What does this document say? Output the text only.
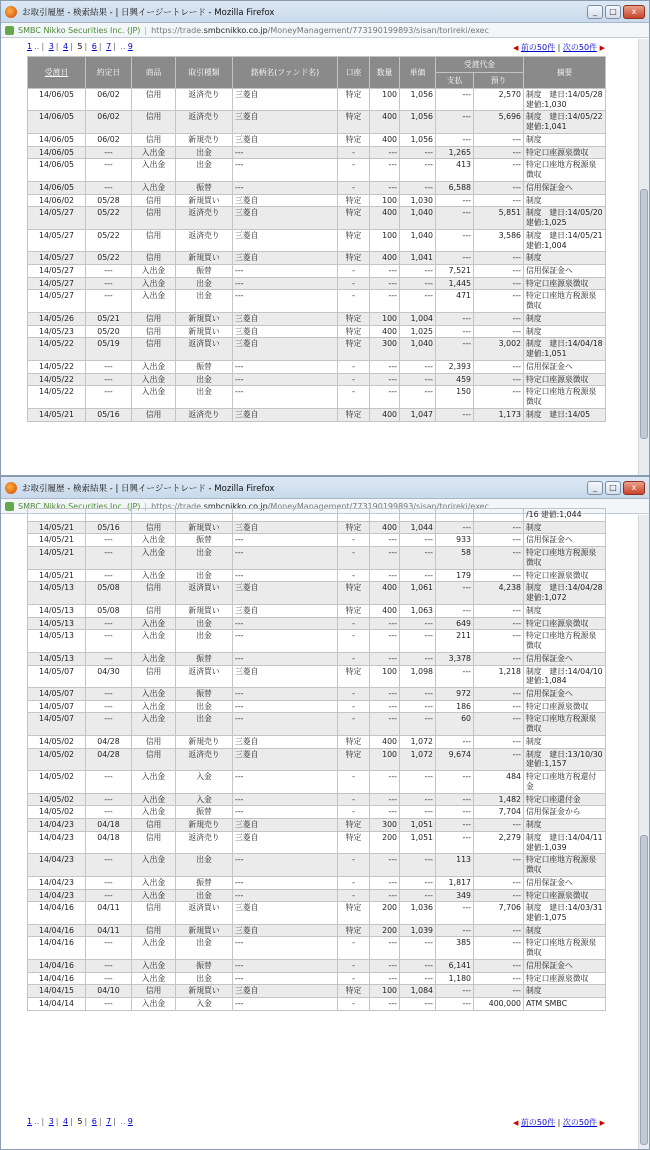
お取引履歴 - 検索結果 - | 日興イージートレード - Mozilla Firefox	_	□	x
SMBC Nikko Securities Inc. (JP) | https://trade.smbcnikko.co.jp/MoneyManagement/773190199893/sisan/torireki/exec
1 ‥ | 3 | 4 | 5 | 6 | 7 | ‥ 9	◀ 前の50件 | 次の50件 ▶
受渡日	約定日	商品	取引種類	銘柄名(ファンド名)	口座	数量	単価	受渡代金		摘要
								支払	預り	
14/06/05	06/02	信用	返済売り	三菱自	特定	100	1,056	---	2,570	制度　建日:14/05/28 建値:1,030
14/06/05	06/02	信用	返済売り	三菱自	特定	400	1,056	---	5,696	制度　建日:14/05/22 建値:1,041
14/06/05	06/02	信用	新規売り	三菱自	特定	400	1,056	---	---	制度
14/06/05	---	入出金	出金	---	-	---	---	1,265	---	特定口座源泉徴収
14/06/05	---	入出金	出金	---	-	---	---	413	---	特定口座地方税源泉徴収
14/06/05	---	入出金	振替	---	-	---	---	6,588	---	信用保証金へ
14/06/02	05/28	信用	新規買い	三菱自	特定	100	1,030	---	---	制度
14/05/27	05/22	信用	返済売り	三菱自	特定	400	1,040	---	5,851	制度　建日:14/05/20 建値:1,025
14/05/27	05/22	信用	返済売り	三菱自	特定	100	1,040	---	3,586	制度　建日:14/05/21 建値:1,004
14/05/27	05/22	信用	新規買い	三菱自	特定	400	1,041	---	---	制度
14/05/27	---	入出金	振替	---	-	---	---	7,521	---	信用保証金へ
14/05/27	---	入出金	出金	---	-	---	---	1,445	---	特定口座源泉徴収
14/05/27	---	入出金	出金	---	-	---	---	471	---	特定口座地方税源泉徴収
14/05/26	05/21	信用	新規買い	三菱自	特定	100	1,004	---	---	制度
14/05/23	05/20	信用	新規買い	三菱自	特定	400	1,025	---	---	制度
14/05/22	05/19	信用	返済買い	三菱自	特定	300	1,040	---	3,002	制度　建日:14/04/18 建値:1,051
14/05/22	---	入出金	振替	---	-	---	---	2,393	---	信用保証金へ
14/05/22	---	入出金	出金	---	-	---	---	459	---	特定口座源泉徴収
14/05/22	---	入出金	出金	---	-	---	---	150	---	特定口座地方税源泉徴収
14/05/21	05/16	信用	返済売り	三菱自	特定	400	1,047	---	1,173	制度　建日:14/05
お取引履歴 - 検索結果 - | 日興イージートレード - Mozilla Firefox	_	□	x
SMBC Nikko Securities Inc. (JP) | https://trade.smbcnikko.co.jp/MoneyManagement/773190199893/sisan/torireki/exec
										/16 建値:1,044
14/05/21	05/16	信用	新規買い	三菱自	特定	400	1,044	---	---	制度
14/05/21	---	入出金	振替	---	-	---	---	933	---	信用保証金へ
14/05/21	---	入出金	出金	---	-	---	---	58	---	特定口座地方税源泉徴収
14/05/21	---	入出金	出金	---	-	---	---	179	---	特定口座源泉徴収
14/05/13	05/08	信用	返済買い	三菱自	特定	400	1,061	---	4,238	制度　建日:14/04/28 建値:1,072
14/05/13	05/08	信用	新規買い	三菱自	特定	400	1,063	---	---	制度
14/05/13	---	入出金	出金	---	-	---	---	649	---	特定口座源泉徴収
14/05/13	---	入出金	出金	---	-	---	---	211	---	特定口座地方税源泉徴収
14/05/13	---	入出金	振替	---	-	---	---	3,378	---	信用保証金へ
14/05/07	04/30	信用	返済買い	三菱自	特定	100	1,098	---	1,218	制度　建日:14/04/10 建値:1,084
14/05/07	---	入出金	振替	---	-	---	---	972	---	信用保証金へ
14/05/07	---	入出金	出金	---	-	---	---	186	---	特定口座源泉徴収
14/05/07	---	入出金	出金	---	-	---	---	60	---	特定口座地方税源泉徴収
14/05/02	04/28	信用	新規売り	三菱自	特定	400	1,072	---	---	制度
14/05/02	04/28	信用	返済売り	三菱自	特定	100	1,072	9,674	---	制度　建日:13/10/30 建値:1,157
14/05/02	---	入出金	入金	---	-	---	---	---	484	特定口座地方税還付金
14/05/02	---	入出金	入金	---	-	---	---	---	1,482	特定口座還付金
14/05/02	---	入出金	振替	---	-	---	---	---	7,704	信用保証金から
14/04/23	04/18	信用	新規売り	三菱自	特定	300	1,051	---	---	制度
14/04/23	04/18	信用	返済売り	三菱自	特定	200	1,051	---	2,279	制度　建日:14/04/11 建値:1,039
14/04/23	---	入出金	出金	---	-	---	---	113	---	特定口座地方税源泉徴収
14/04/23	---	入出金	振替	---	-	---	---	1,817	---	信用保証金へ
14/04/23	---	入出金	出金	---	-	---	---	349	---	特定口座源泉徴収
14/04/16	04/11	信用	返済買い	三菱自	特定	200	1,036	---	7,706	制度　建日:14/03/31 建値:1,075
14/04/16	04/11	信用	新規買い	三菱自	特定	200	1,039	---	---	制度
14/04/16	---	入出金	出金	---	-	---	---	385	---	特定口座地方税源泉徴収
14/04/16	---	入出金	振替	---	-	---	---	6,141	---	信用保証金へ
14/04/16	---	入出金	出金	---	-	---	---	1,180	---	特定口座源泉徴収
14/04/15	04/10	信用	新規買い	三菱自	特定	100	1,084	---	---	制度
14/04/14	---	入出金	入金	---	-	---	---	---	400,000	ATM SMBC
1 ‥ | 3 | 4 | 5 | 6 | 7 | ‥ 9	◀ 前の50件 | 次の50件 ▶
